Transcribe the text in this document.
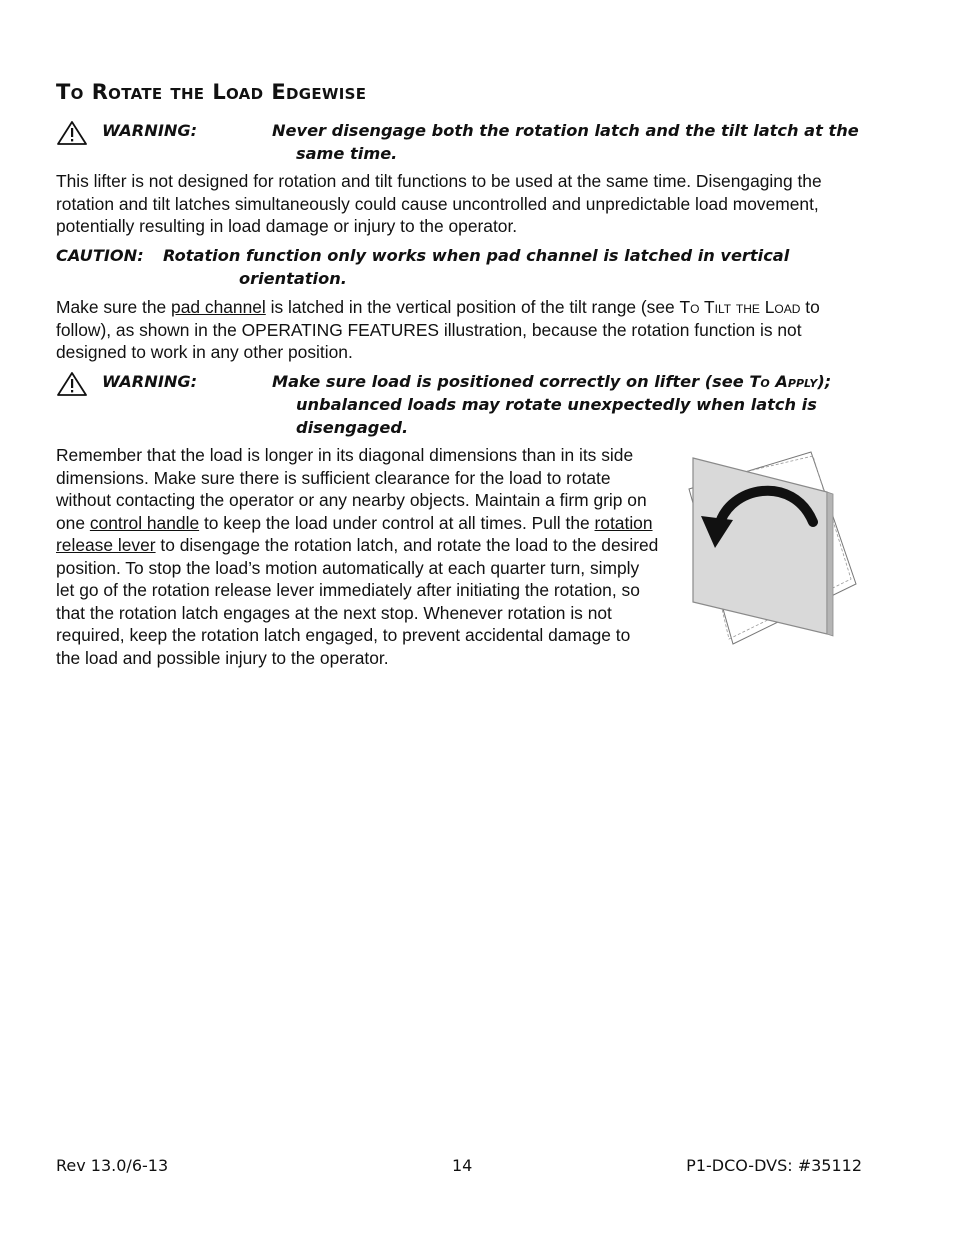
To Rotate the Load Edgewise
WARNING:	Never disengage both the rotation latch and the tilt latch at the same time.

This lifter is not designed for rotation and tilt functions to be used at the same time. Disengaging the rotation and tilt latches simultaneously could cause uncontrolled and unpredictable load movement, potentially resulting in load damage or injury to the operator.

CAUTION: Rotation function only works when pad channel is latched in vertical orientation.

Make sure the pad channel is latched in the vertical position of the tilt range (see To Tilt the Load to follow), as shown in the OPERATING FEATURES illustration, because the rotation function is not designed to work in any other position.

WARNING:	Make sure load is positioned correctly on lifter (see To Apply); unbalanced loads may rotate unexpectedly when latch is disengaged.
Remember that the load is longer in its diagonal dimensions than in its side dimensions. Make sure there is sufficient clearance for the load to rotate without contacting the operator or any nearby objects. Maintain a firm grip on one control handle to keep the load under control at all times. Pull the rotation release lever to disengage the rotation latch, and rotate the load to the desired position. To stop the load’s motion automatically at each quarter turn, simply let go of the rotation release lever immediately after initiating the rotation, so that the rotation latch engages at the next stop. Whenever rotation is not required, keep the rotation latch engaged, to prevent accidental damage to the load and possible injury to the operator.
Rev 13.0/6-13	14	P1-DCO-DVS: #35112
